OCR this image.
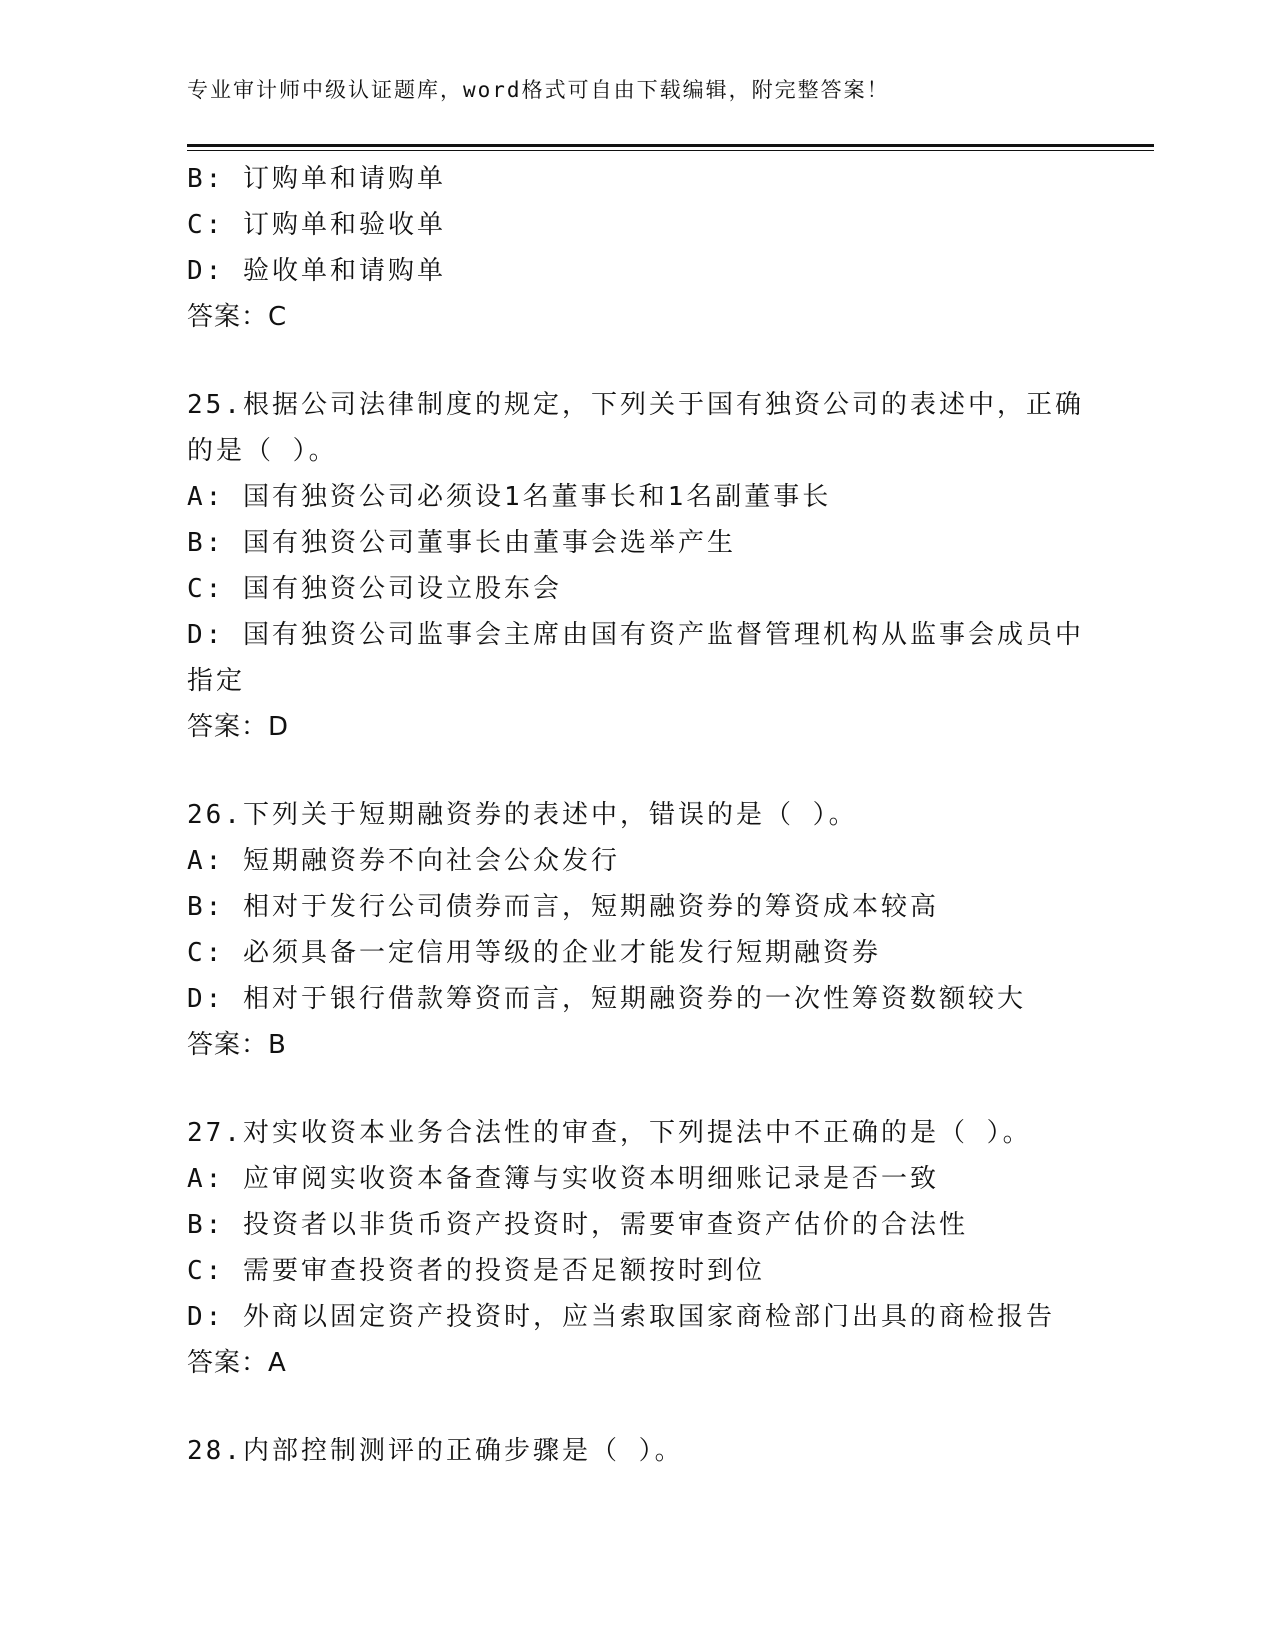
专业审计师中级认证题库，word格式可自由下载编辑，附完整答案！
B: 订购单和请购单
C: 订购单和验收单
D: 验收单和请购单
答案：C
25.根据公司法律制度的规定，下列关于国有独资公司的表述中，正确
的是（ ）。
A: 国有独资公司必须设1名董事长和1名副董事长
B: 国有独资公司董事长由董事会选举产生
C: 国有独资公司设立股东会
D: 国有独资公司监事会主席由国有资产监督管理机构从监事会成员中
指定
答案：D
26.下列关于短期融资券的表述中，错误的是（ ）。
A: 短期融资券不向社会公众发行
B: 相对于发行公司债券而言，短期融资券的筹资成本较高
C: 必须具备一定信用等级的企业才能发行短期融资券
D: 相对于银行借款筹资而言，短期融资券的一次性筹资数额较大
答案：B
27.对实收资本业务合法性的审查，下列提法中不正确的是（ ）。
A: 应审阅实收资本备查簿与实收资本明细账记录是否一致
B: 投资者以非货币资产投资时，需要审查资产估价的合法性
C: 需要审查投资者的投资是否足额按时到位
D: 外商以固定资产投资时，应当索取国家商检部门出具的商检报告
答案：A
28.内部控制测评的正确步骤是（ ）。
